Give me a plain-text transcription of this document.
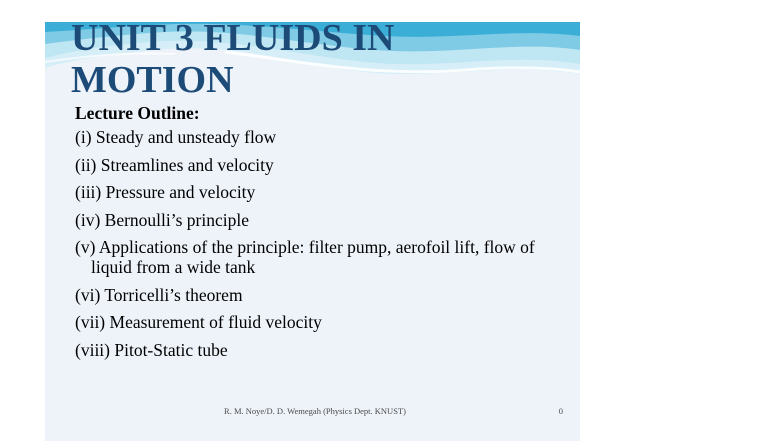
UNIT 3 FLUIDS IN
MOTION
Lecture Outline:
(i) Steady and unsteady flow
(ii) Streamlines and velocity
(iii) Pressure and velocity
(iv) Bernoulli’s principle
(v) Applications of the principle: filter pump, aerofoil lift, flow of liquid from a wide tank
(vi) Torricelli’s theorem
(vii) Measurement of fluid velocity
(viii) Pitot-Static tube

R. M. Noye/D. D. Wemegah (Physics Dept. KNUST)	0
